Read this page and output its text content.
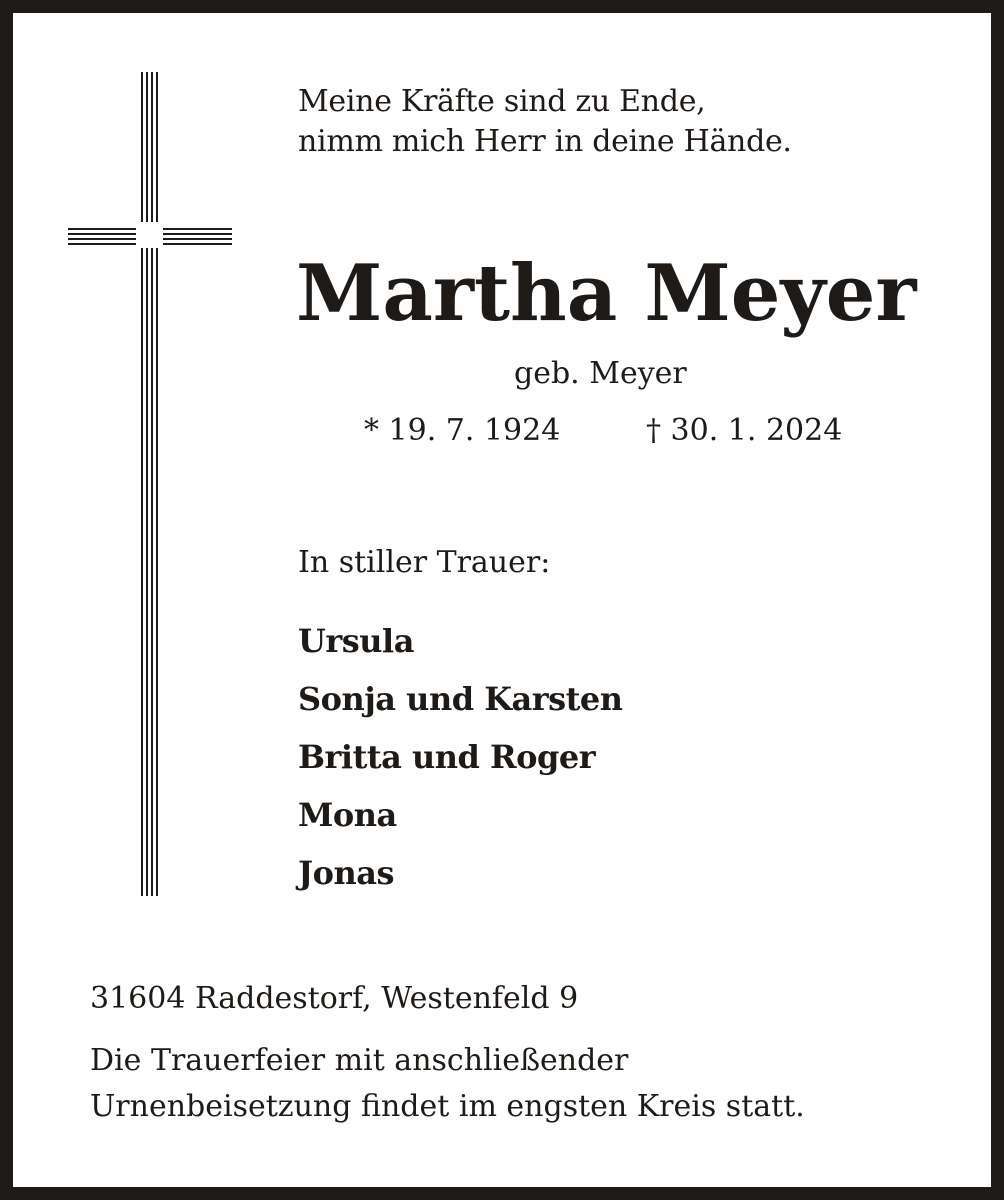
Meine Kräfte sind zu Ende,
nimm mich Herr in deine Hände.
Martha Meyer
geb. Meyer
* 19. 7. 1924	† 30. 1. 2024
In stiller Trauer:
Ursula
Sonja und Karsten
Britta und Roger
Mona
Jonas
31604 Raddestorf, Westenfeld 9
Die Trauerfeier mit anschließender
Urnenbeisetzung findet im engsten Kreis statt.
